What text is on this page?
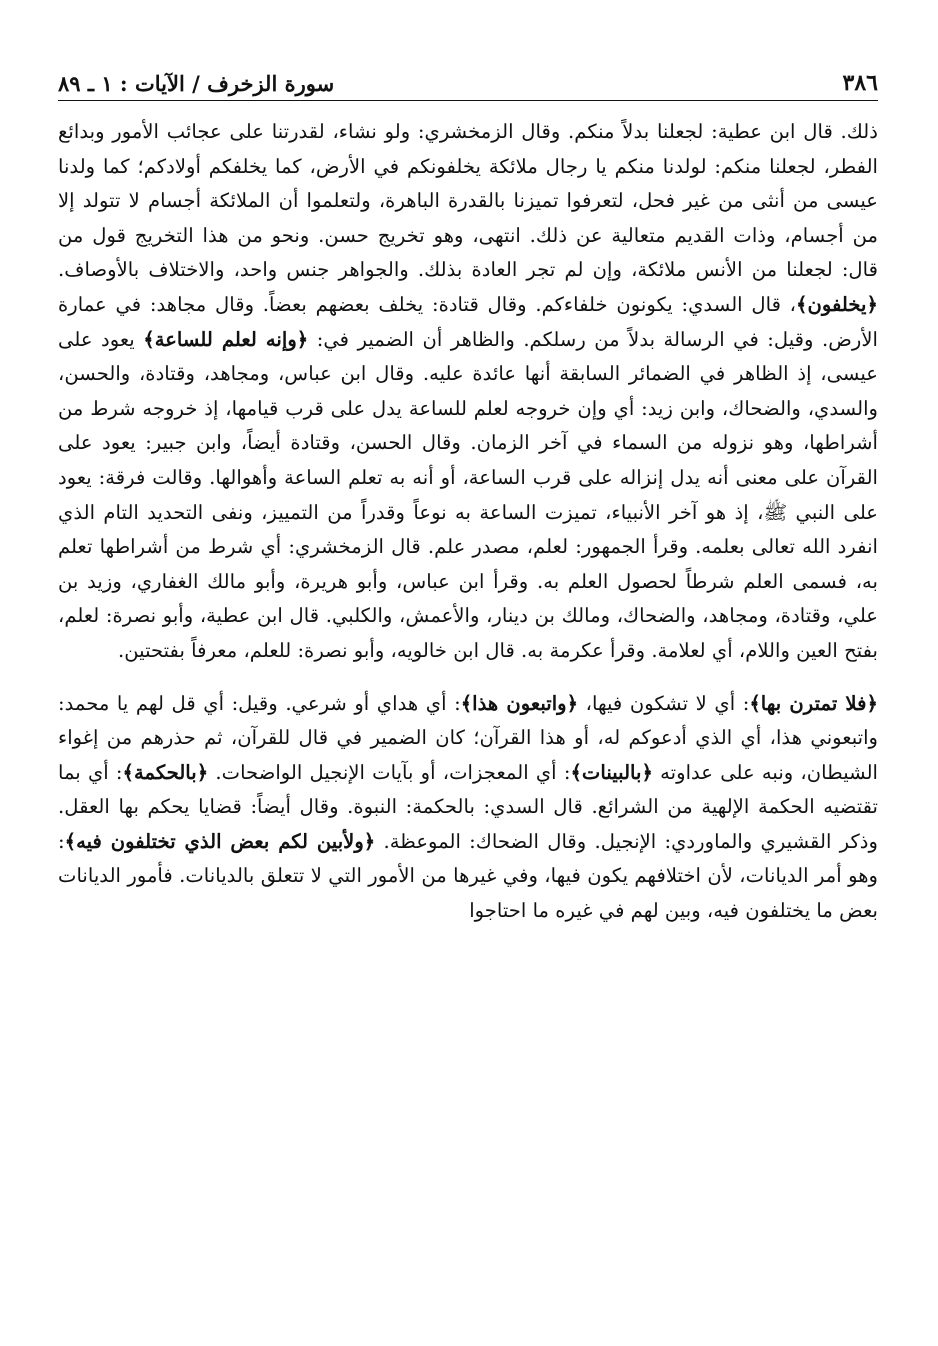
٣٨٦
سورة الزخرف / الآيات : ١ ـ ٨٩

ذلك. قال ابن عطية: لجعلنا بدلاً منكم. وقال الزمخشري: ولو نشاء، لقدرتنا على عجائب الأمور وبدائع الفطر، لجعلنا منكم: لولدنا منكم يا رجال ملائكة يخلفونكم في الأرض، كما يخلفكم أولادكم؛ كما ولدنا عيسى من أنثى من غير فحل، لتعرفوا تميزنا بالقدرة الباهرة، ولتعلموا أن الملائكة أجسام لا تتولد إلا من أجسام، وذات القديم متعالية عن ذلك. انتهى، وهو تخريج حسن. ونحو من هذا التخريج قول من قال: لجعلنا من الأنس ملائكة، وإن لم تجر العادة بذلك. والجواهر جنس واحد، والاختلاف بالأوصاف. ﴿يخلفون﴾، قال السدي: يكونون خلفاءكم. وقال قتادة: يخلف بعضهم بعضاً. وقال مجاهد: في عمارة الأرض. وقيل: في الرسالة بدلاً من رسلكم. والظاهر أن الضمير في: ﴿وإنه لعلم للساعة﴾ يعود على عيسى، إذ الظاهر في الضمائر السابقة أنها عائدة عليه. وقال ابن عباس، ومجاهد، وقتادة، والحسن، والسدي، والضحاك، وابن زيد: أي وإن خروجه لعلم للساعة يدل على قرب قيامها، إذ خروجه شرط من أشراطها، وهو نزوله من السماء في آخر الزمان. وقال الحسن، وقتادة أيضاً، وابن جبير: يعود على القرآن على معنى أنه يدل إنزاله على قرب الساعة، أو أنه به تعلم الساعة وأهوالها. وقالت فرقة: يعود على النبي ﷺ، إذ هو آخر الأنبياء، تميزت الساعة به نوعاً وقدراً من التمييز، ونفى التحديد التام الذي انفرد الله تعالى بعلمه. وقرأ الجمهور: لعلم، مصدر علم. قال الزمخشري: أي شرط من أشراطها تعلم به، فسمى العلم شرطاً لحصول العلم به. وقرأ ابن عباس، وأبو هريرة، وأبو مالك الغفاري، وزيد بن علي، وقتادة، ومجاهد، والضحاك، ومالك بن دينار، والأعمش، والكلبي. قال ابن عطية، وأبو نصرة: لعلم، بفتح العين واللام، أي لعلامة. وقرأ عكرمة به. قال ابن خالويه، وأبو نصرة: للعلم، معرفاً بفتحتين.

﴿فلا تمترن بها﴾: أي لا تشكون فيها، ﴿واتبعون هذا﴾: أي هداي أو شرعي. وقيل: أي قل لهم يا محمد: واتبعوني هذا، أي الذي أدعوكم له، أو هذا القرآن؛ كان الضمير في قال للقرآن، ثم حذرهم من إغواء الشيطان، ونبه على عداوته ﴿بالبينات﴾: أي المعجزات، أو بآيات الإنجيل الواضحات. ﴿بالحكمة﴾: أي بما تقتضيه الحكمة الإلهية من الشرائع. قال السدي: بالحكمة: النبوة. وقال أيضاً: قضايا يحكم بها العقل. وذكر القشيري والماوردي: الإنجيل. وقال الضحاك: الموعظة. ﴿ولأبين لكم بعض الذي تختلفون فيه﴾: وهو أمر الديانات، لأن اختلافهم يكون فيها، وفي غيرها من الأمور التي لا تتعلق بالديانات. فأمور الديانات بعض ما يختلفون فيه، وبين لهم في غيره ما احتاجوا
